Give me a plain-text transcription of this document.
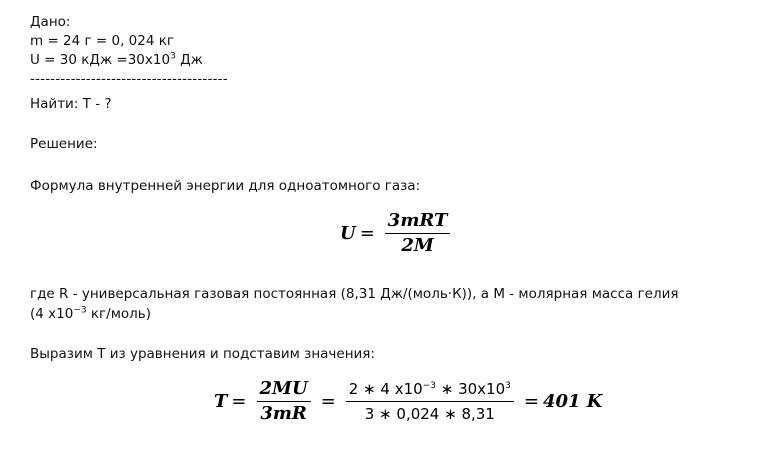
Дано:
m = 24 г = 0, 024 кг
U = 30 кДж $=30х10^3$ Дж
---------------------------------------
Найти: T - ?
Решение:
Формула внутренней энергии для одноатомного газа:
$U = \frac{\text{3mRT}}{2M}$
где R - универсальная газовая постоянная (8,31 Дж/(моль·К)), а M - молярная масса гелия
(4 $х10^{-3}$ кг/моль)
Выразим T из уравнения и подставим значения:
$T = \frac{2MU}{3mR} = \frac{2 ∗ 4 х10^{-3} ∗ 30х10^3}{3 ∗ 0,024 ∗ 8,31} = 401$ K
